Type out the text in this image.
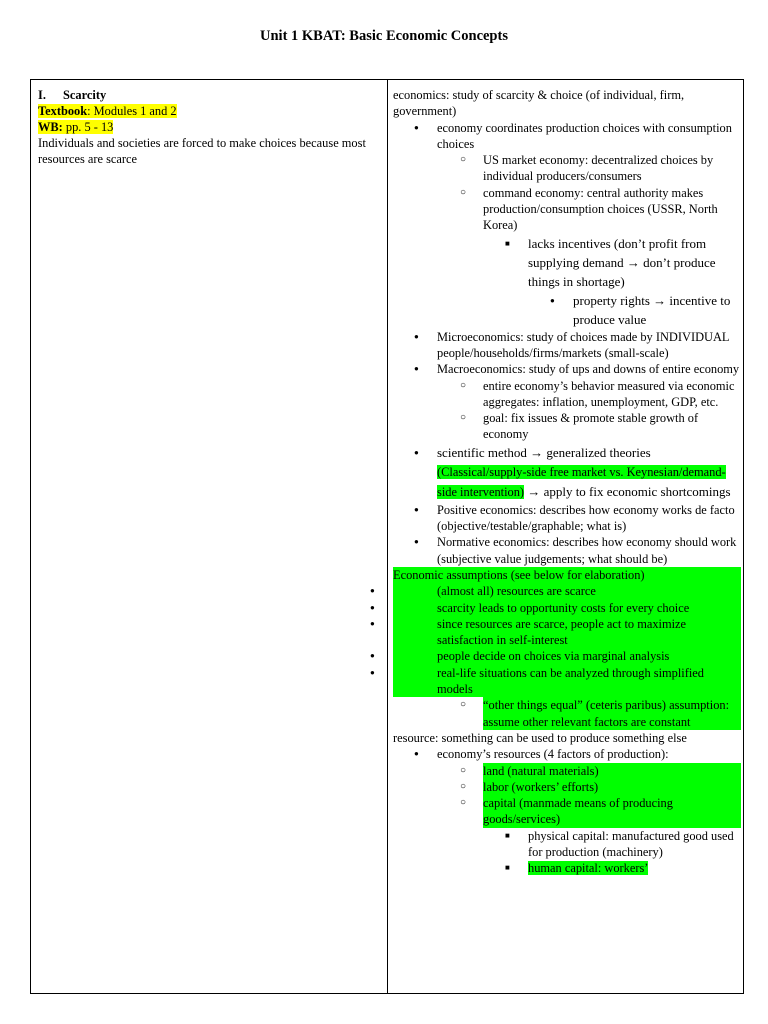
Unit 1 KBAT: Basic Economic Concepts
I. Scarcity
Textbook: Modules 1 and 2
WB: pp. 5 - 13
Individuals and societies are forced to make choices because most resources are scarce
economics: study of scarcity & choice (of individual, firm, government)
● economy coordinates production choices with consumption choices
○ US market economy: decentralized choices by individual producers/consumers
○ command economy: central authority makes production/consumption choices (USSR, North Korea)
■ lacks incentives (don’t profit from supplying demand → don’t produce things in shortage)
● property rights → incentive to produce value
● Microeconomics: study of choices made by INDIVIDUAL people/households/firms/markets (small-scale)
● Macroeconomics: study of ups and downs of entire economy
○ entire economy’s behavior measured via economic aggregates: inflation, unemployment, GDP, etc.
○ goal: fix issues & promote stable growth of economy
● scientific method → generalized theories
(Classical/supply-side free market vs. Keynesian/demand-side intervention) → apply to fix economic shortcomings
● Positive economics: describes how economy works de facto (objective/testable/graphable; what is)
● Normative economics: describes how economy should work (subjective value judgements; what should be)
Economic assumptions (see below for elaboration)
● (almost all) resources are scarce
● scarcity leads to opportunity costs for every choice
● since resources are scarce, people act to maximize satisfaction in self-interest
● people decide on choices via marginal analysis
● real-life situations can be analyzed through simplified models
○ “other things equal” (ceteris paribus) assumption: assume other relevant factors are constant
resource: something can be used to produce something else
● economy’s resources (4 factors of production):
○ land (natural materials)
○ labor (workers’ efforts)
○ capital (manmade means of producing goods/services)
■ physical capital: manufactured good used for production (machinery)
■ human capital: workers’
